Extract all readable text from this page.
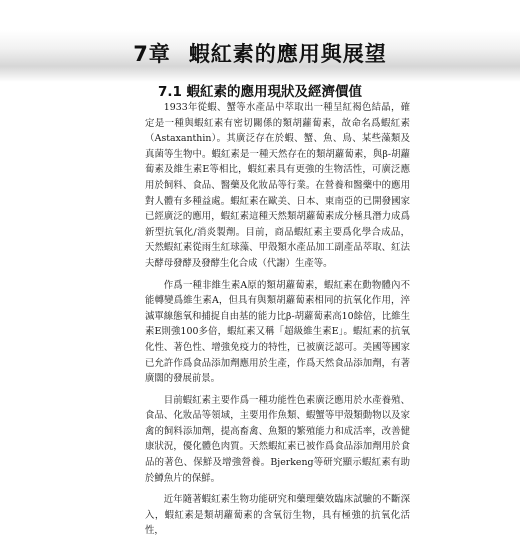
7章 蝦紅素的應用與展望
7.1 蝦紅素的應用現狀及經濟價值

1933年從蝦、蟹等水產品中萃取出一種呈紅褐色結晶，確定是一種與蝦紅素有密切關係的類胡蘿蔔素，故命名爲蝦紅素（Astaxanthin）。其廣泛存在於蝦、蟹、魚、鳥、某些藻類及真菌等生物中。蝦紅素是一種天然存在的類胡蘿蔔素，與β-胡蘿蔔素及維生素E等相比，蝦紅素具有更強的生物活性，可廣泛應用於飼料、食品、醫藥及化妝品等行業。在營養和醫藥中的應用對人體有多種益處。蝦紅素在歐美、日本、東南亞的已開發國家已經廣泛的應用，蝦紅素這種天然類胡蘿蔔素成分極具潛力成爲新型抗氧化/消炎製劑。目前，商品蝦紅素主要爲化學合成品，天然蝦紅素從雨生紅球藻、甲殼類水產品加工副產品萃取、紅法夫酵母發酵及發酵生化合成（代謝）生產等。

作爲一種非維生素A原的類胡蘿蔔素，蝦紅素在動物體內不能轉變爲維生素A，但具有與類胡蘿蔔素相同的抗氧化作用，淬滅單線態氧和捕捉自由基的能力比β-胡蘿蔔素高10餘倍，比維生素E則強100多倍，蝦紅素又稱「超級維生素E」。蝦紅素的抗氧化性、著色性、增強免疫力的特性，已被廣泛認可。美國等國家已允許作爲食品添加劑應用於生產，作爲天然食品添加劑，有著廣闊的發展前景。

目前蝦紅素主要作爲一種功能性色素廣泛應用於水產養殖、食品、化妝品等領域，主要用作魚類、蝦蟹等甲殼類動物以及家禽的飼料添加劑，提高畜禽、魚類的繁殖能力和成活率，改善健康狀況，優化體色肉質。天然蝦紅素已被作爲食品添加劑用於食品的著色、保鮮及增強營養。Bjerkeng等研究顯示蝦紅素有助於鱒魚片的保鮮。

近年隨著蝦紅素生物功能研究和藥理藥效臨床試驗的不斷深入，蝦紅素是類胡蘿蔔素的含氧衍生物，具有極強的抗氧化活性，
